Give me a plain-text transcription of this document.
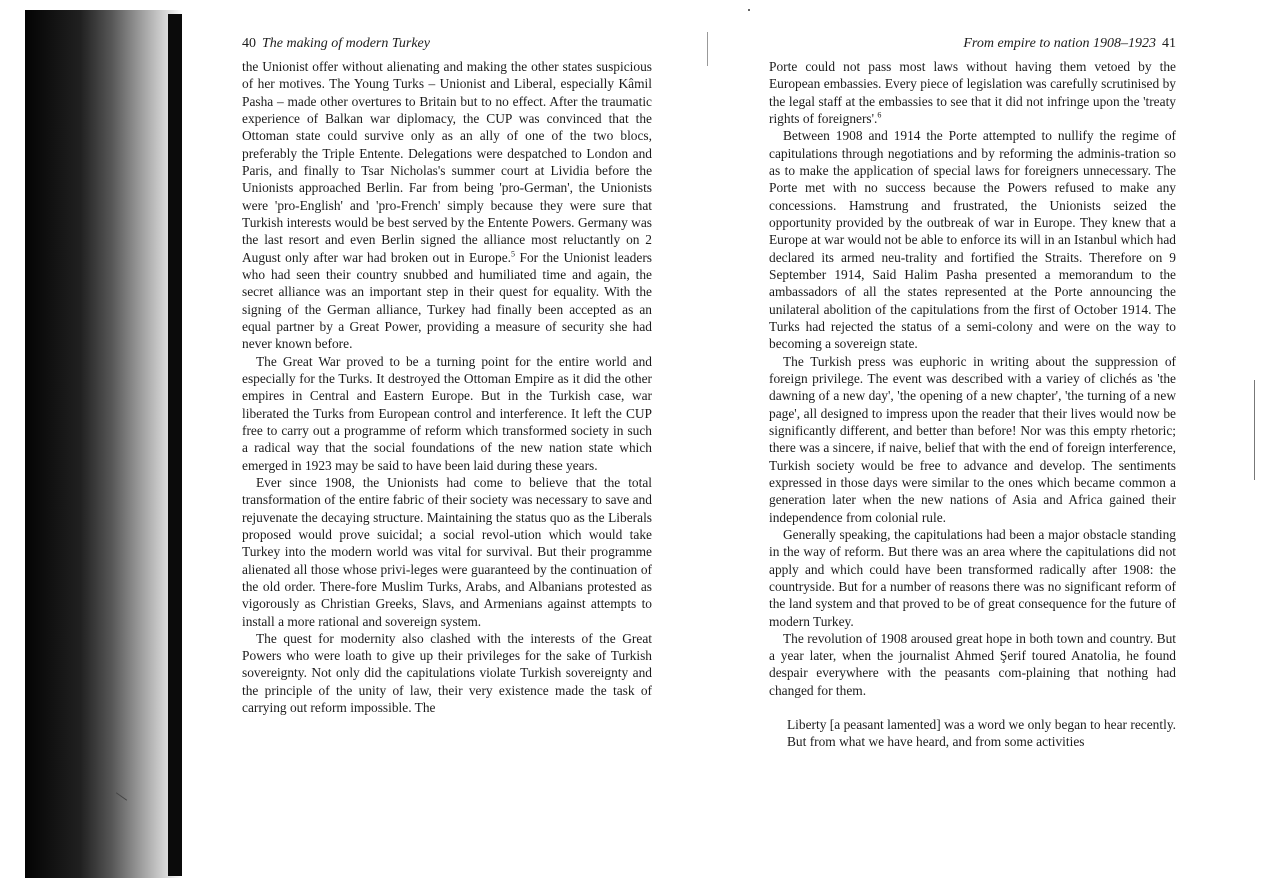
40 The making of modern Turkey

the Unionist offer without alienating and making the other states suspicious of her motives. The Young Turks – Unionist and Liberal, especially Kâmil Pasha – made other overtures to Britain but to no effect. After the traumatic experience of Balkan war diplomacy, the CUP was convinced that the Ottoman state could survive only as an ally of one of the two blocs, preferably the Triple Entente. Delegations were despatched to London and Paris, and finally to Tsar Nicholas's summer court at Lividia before the Unionists approached Berlin. Far from being 'pro-German', the Unionists were 'pro-English' and 'pro-French' simply because they were sure that Turkish interests would be best served by the Entente Powers. Germany was the last resort and even Berlin signed the alliance most reluctantly on 2 August only after war had broken out in Europe.$^5$ For the Unionist leaders who had seen their country snubbed and humiliated time and again, the secret alliance was an important step in their quest for equality. With the signing of the German alliance, Turkey had finally been accepted as an equal partner by a Great Power, providing a measure of security she had never known before.

The Great War proved to be a turning point for the entire world and especially for the Turks. It destroyed the Ottoman Empire as it did the other empires in Central and Eastern Europe. But in the Turkish case, war liberated the Turks from European control and interference. It left the CUP free to carry out a programme of reform which transformed society in such a radical way that the social foundations of the new nation state which emerged in 1923 may be said to have been laid during these years.

Ever since 1908, the Unionists had come to believe that the total transformation of the entire fabric of their society was necessary to save and rejuvenate the decaying structure. Maintaining the status quo as the Liberals proposed would prove suicidal; a social revol-ution which would take Turkey into the modern world was vital for survival. But their programme alienated all those whose privi-leges were guaranteed by the continuation of the old order. There-fore Muslim Turks, Arabs, and Albanians protested as vigorously as Christian Greeks, Slavs, and Armenians against attempts to install a more rational and sovereign system.

The quest for modernity also clashed with the interests of the Great Powers who were loath to give up their privileges for the sake of Turkish sovereignty. Not only did the capitulations violate Turkish sovereignty and the principle of the unity of law, their very existence made the task of carrying out reform impossible. The

From empire to nation 1908–1923 41

Porte could not pass most laws without having them vetoed by the European embassies. Every piece of legislation was carefully scrutinised by the legal staff at the embassies to see that it did not infringe upon the 'treaty rights of foreigners'.$^6$

Between 1908 and 1914 the Porte attempted to nullify the regime of capitulations through negotiations and by reforming the adminis-tration so as to make the application of special laws for foreigners unnecessary. The Porte met with no success because the Powers refused to make any concessions. Hamstrung and frustrated, the Unionists seized the opportunity provided by the outbreak of war in Europe. They knew that a Europe at war would not be able to enforce its will in an Istanbul which had declared its armed neu-trality and fortified the Straits. Therefore on 9 September 1914, Said Halim Pasha presented a memorandum to the ambassadors of all the states represented at the Porte announcing the unilateral abolition of the capitulations from the first of October 1914. The Turks had rejected the status of a semi-colony and were on the way to becoming a sovereign state.

The Turkish press was euphoric in writing about the suppression of foreign privilege. The event was described with a variey of clichés as 'the dawning of a new day', 'the opening of a new chapter', 'the turning of a new page', all designed to impress upon the reader that their lives would now be significantly different, and better than before! Nor was this empty rhetoric; there was a sincere, if naive, belief that with the end of foreign interference, Turkish society would be free to advance and develop. The sentiments expressed in those days were similar to the ones which became common a generation later when the new nations of Asia and Africa gained their independence from colonial rule.

Generally speaking, the capitulations had been a major obstacle standing in the way of reform. But there was an area where the capitulations did not apply and which could have been transformed radically after 1908: the countryside. But for a number of reasons there was no significant reform of the land system and that proved to be of great consequence for the future of modern Turkey.

The revolution of 1908 aroused great hope in both town and country. But a year later, when the journalist Ahmed Şerif toured Anatolia, he found despair everywhere with the peasants com-plaining that nothing had changed for them.

Liberty [a peasant lamented] was a word we only began to hear recently. But from what we have heard, and from some activities
